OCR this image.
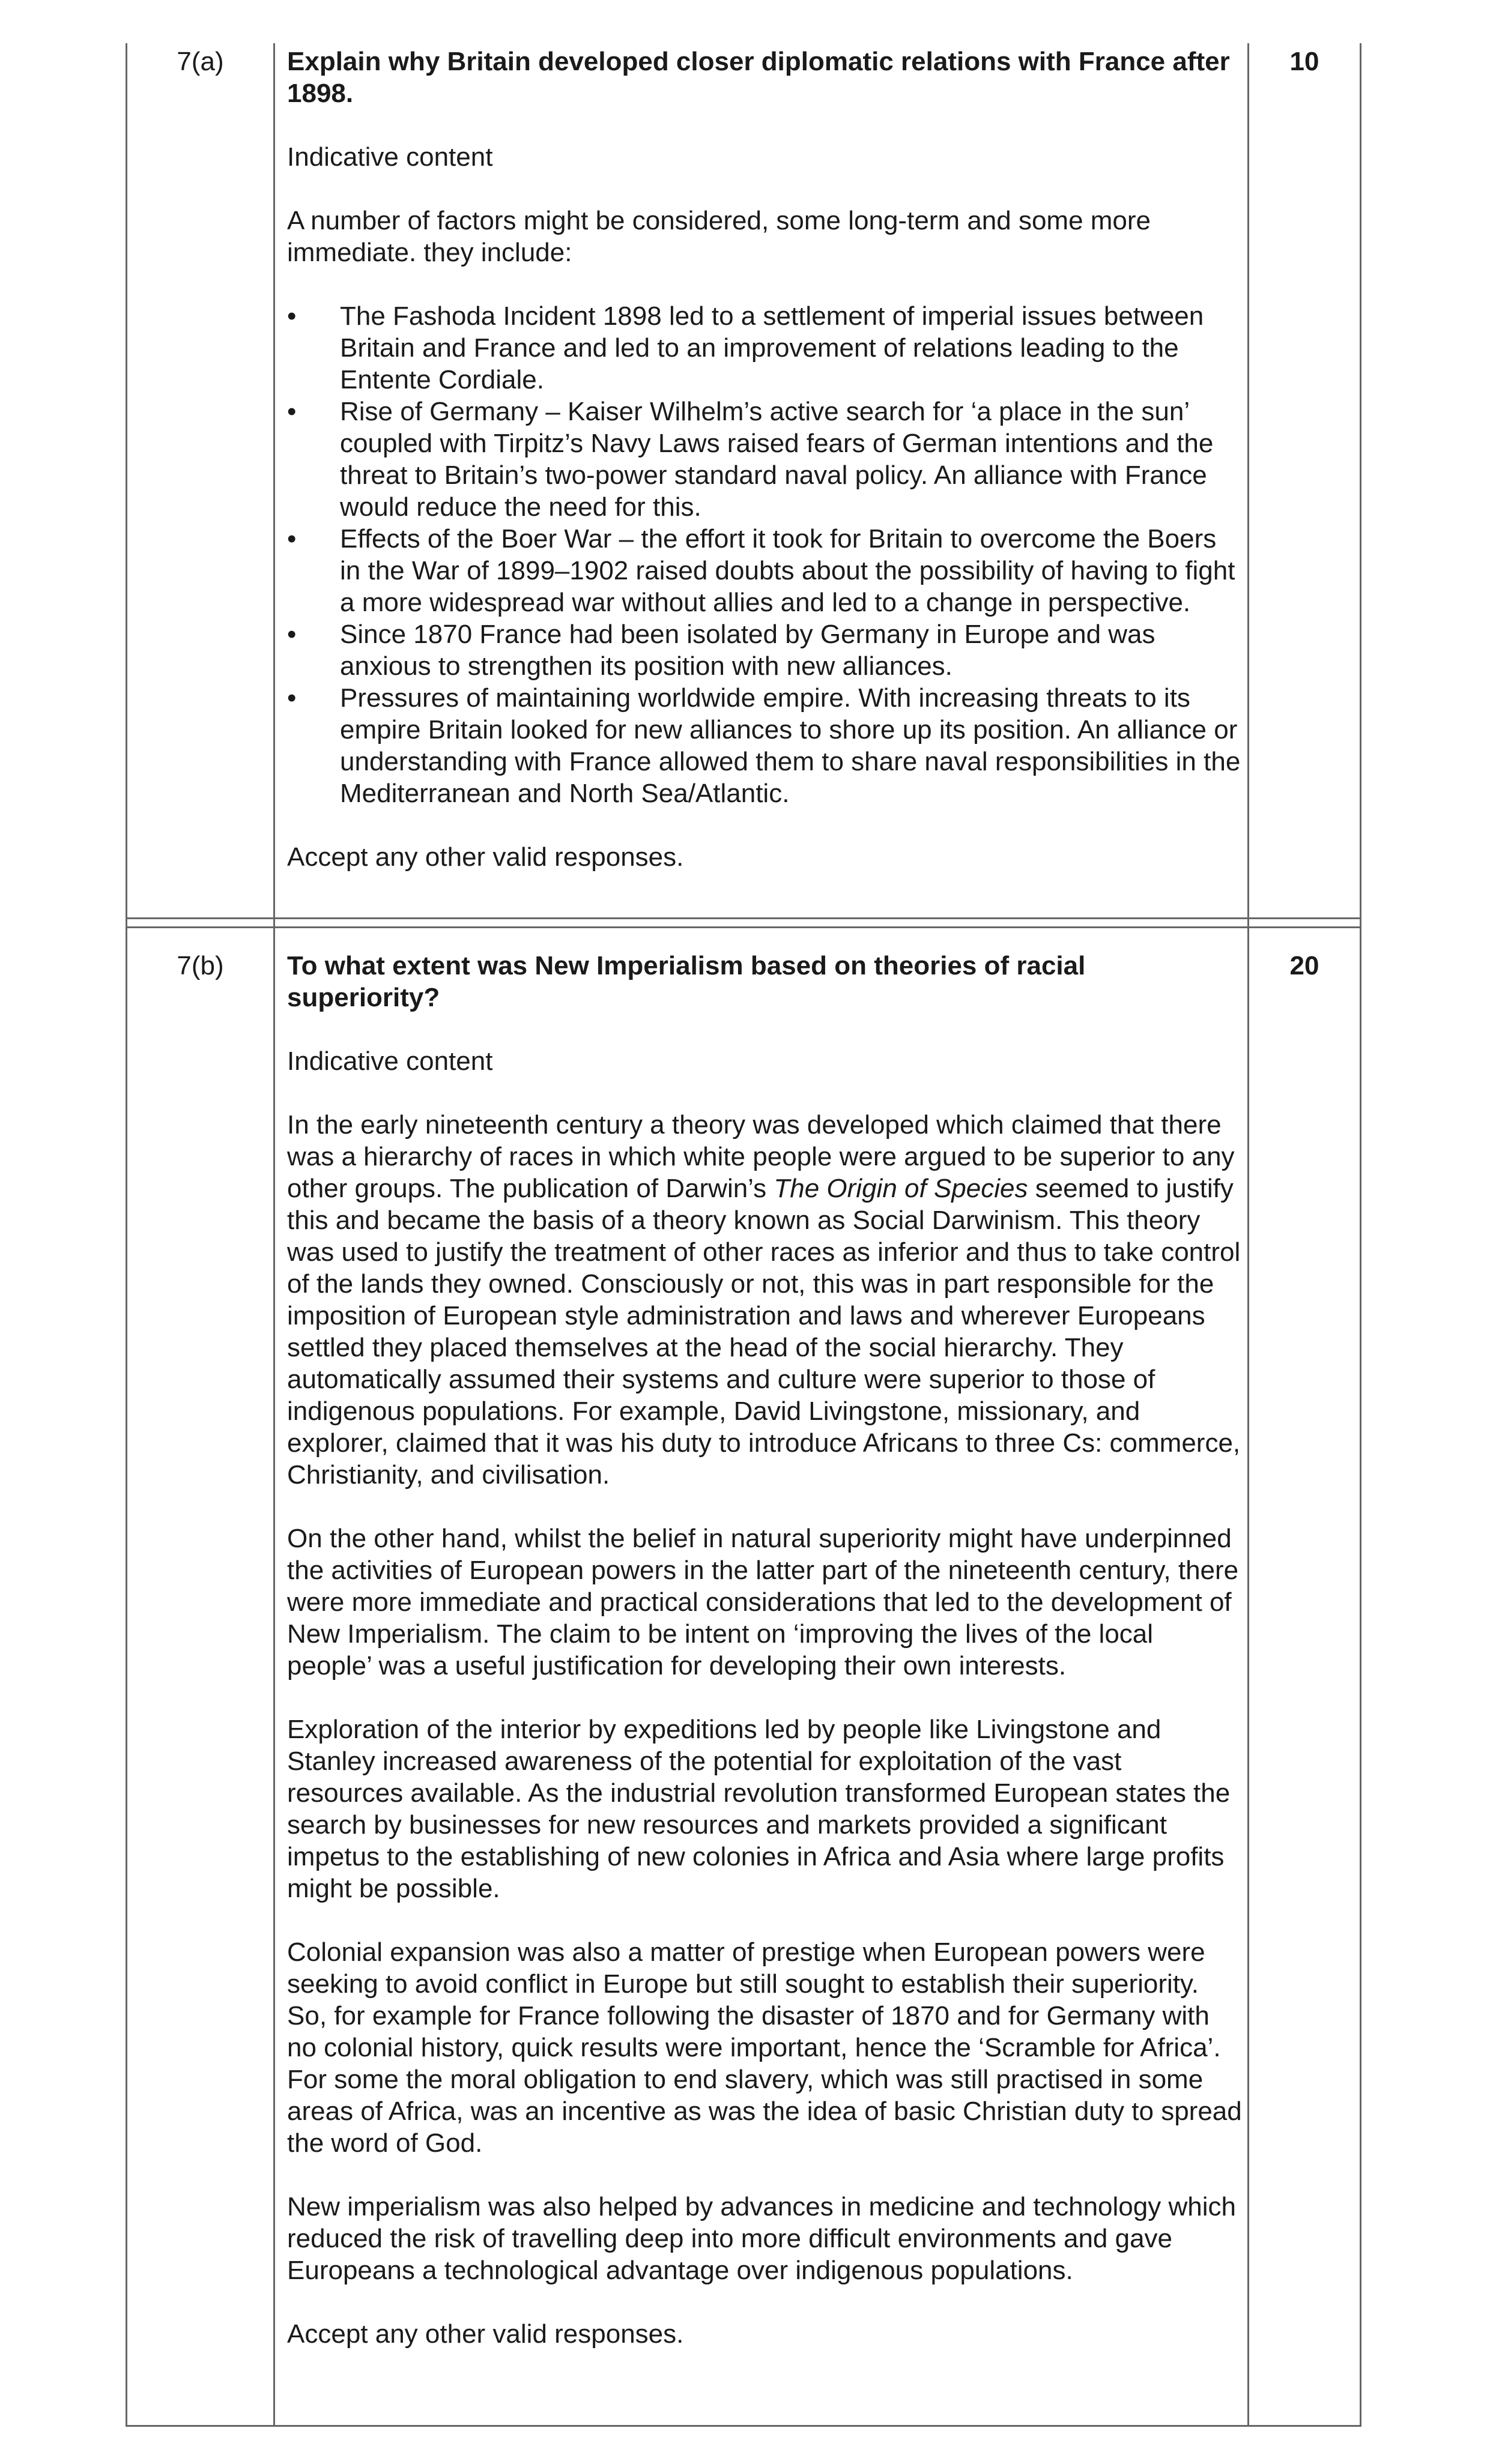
7(a)	10

Explain why Britain developed closer diplomatic relations with France after 1898.

Indicative content

A number of factors might be considered, some long-term and some more immediate. they include:

• The Fashoda Incident 1898 led to a settlement of imperial issues between Britain and France and led to an improvement of relations leading to the Entente Cordiale.
• Rise of Germany – Kaiser Wilhelm’s active search for ‘a place in the sun’ coupled with Tirpitz’s Navy Laws raised fears of German intentions and the threat to Britain’s two-power standard naval policy. An alliance with France would reduce the need for this.
• Effects of the Boer War – the effort it took for Britain to overcome the Boers in the War of 1899–1902 raised doubts about the possibility of having to fight a more widespread war without allies and led to a change in perspective.
• Since 1870 France had been isolated by Germany in Europe and was anxious to strengthen its position with new alliances.
• Pressures of maintaining worldwide empire. With increasing threats to its empire Britain looked for new alliances to shore up its position. An alliance or understanding with France allowed them to share naval responsibilities in the Mediterranean and North Sea/Atlantic.

Accept any other valid responses.

7(b)	20

To what extent was New Imperialism based on theories of racial superiority?

Indicative content

In the early nineteenth century a theory was developed which claimed that there was a hierarchy of races in which white people were argued to be superior to any other groups. The publication of Darwin’s The Origin of Species seemed to justify this and became the basis of a theory known as Social Darwinism. This theory was used to justify the treatment of other races as inferior and thus to take control of the lands they owned. Consciously or not, this was in part responsible for the imposition of European style administration and laws and wherever Europeans settled they placed themselves at the head of the social hierarchy. They automatically assumed their systems and culture were superior to those of indigenous populations. For example, David Livingstone, missionary, and explorer, claimed that it was his duty to introduce Africans to three Cs: commerce, Christianity, and civilisation.

On the other hand, whilst the belief in natural superiority might have underpinned the activities of European powers in the latter part of the nineteenth century, there were more immediate and practical considerations that led to the development of New Imperialism. The claim to be intent on ‘improving the lives of the local people’ was a useful justification for developing their own interests.

Exploration of the interior by expeditions led by people like Livingstone and Stanley increased awareness of the potential for exploitation of the vast resources available. As the industrial revolution transformed European states the search by businesses for new resources and markets provided a significant impetus to the establishing of new colonies in Africa and Asia where large profits might be possible.

Colonial expansion was also a matter of prestige when European powers were seeking to avoid conflict in Europe but still sought to establish their superiority. So, for example for France following the disaster of 1870 and for Germany with no colonial history, quick results were important, hence the ‘Scramble for Africa’. For some the moral obligation to end slavery, which was still practised in some areas of Africa, was an incentive as was the idea of basic Christian duty to spread the word of God.

New imperialism was also helped by advances in medicine and technology which reduced the risk of travelling deep into more difficult environments and gave Europeans a technological advantage over indigenous populations.

Accept any other valid responses.
